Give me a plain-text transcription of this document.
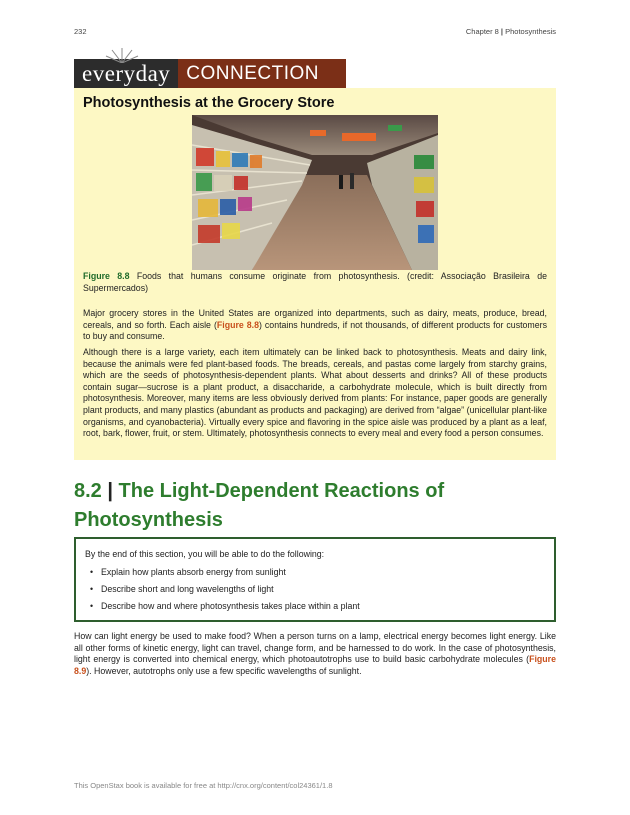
232	Chapter 8 | Photosynthesis
everyday CONNECTION
Photosynthesis at the Grocery Store

Figure 8.8 Foods that humans consume originate from photosynthesis. (credit: Associação Brasileira de Supermercados)

Major grocery stores in the United States are organized into departments, such as dairy, meats, produce, bread, cereals, and so forth. Each aisle (Figure 8.8) contains hundreds, if not thousands, of different products for customers to buy and consume.

Although there is a large variety, each item ultimately can be linked back to photosynthesis. Meats and dairy link, because the animals were fed plant-based foods. The breads, cereals, and pastas come largely from starchy grains, which are the seeds of photosynthesis-dependent plants. What about desserts and drinks? All of these products contain sugar—sucrose is a plant product, a disaccharide, a carbohydrate molecule, which is built directly from photosynthesis. Moreover, many items are less obviously derived from plants: For instance, paper goods are generally plant products, and many plastics (abundant as products and packaging) are derived from “algae” (unicellular plant-like organisms, and cyanobacteria). Virtually every spice and flavoring in the spice aisle was produced by a plant as a leaf, root, bark, flower, fruit, or stem. Ultimately, photosynthesis connects to every meal and every food a person consumes.

8.2 | The Light-Dependent Reactions of Photosynthesis
By the end of this section, you will be able to do the following:
• Explain how plants absorb energy from sunlight
• Describe short and long wavelengths of light
• Describe how and where photosynthesis takes place within a plant

How can light energy be used to make food? When a person turns on a lamp, electrical energy becomes light energy. Like all other forms of kinetic energy, light can travel, change form, and be harnessed to do work. In the case of photosynthesis, light energy is converted into chemical energy, which photoautotrophs use to build basic carbohydrate molecules (Figure 8.9). However, autotrophs only use a few specific wavelengths of sunlight.

This OpenStax book is available for free at http://cnx.org/content/col24361/1.8
